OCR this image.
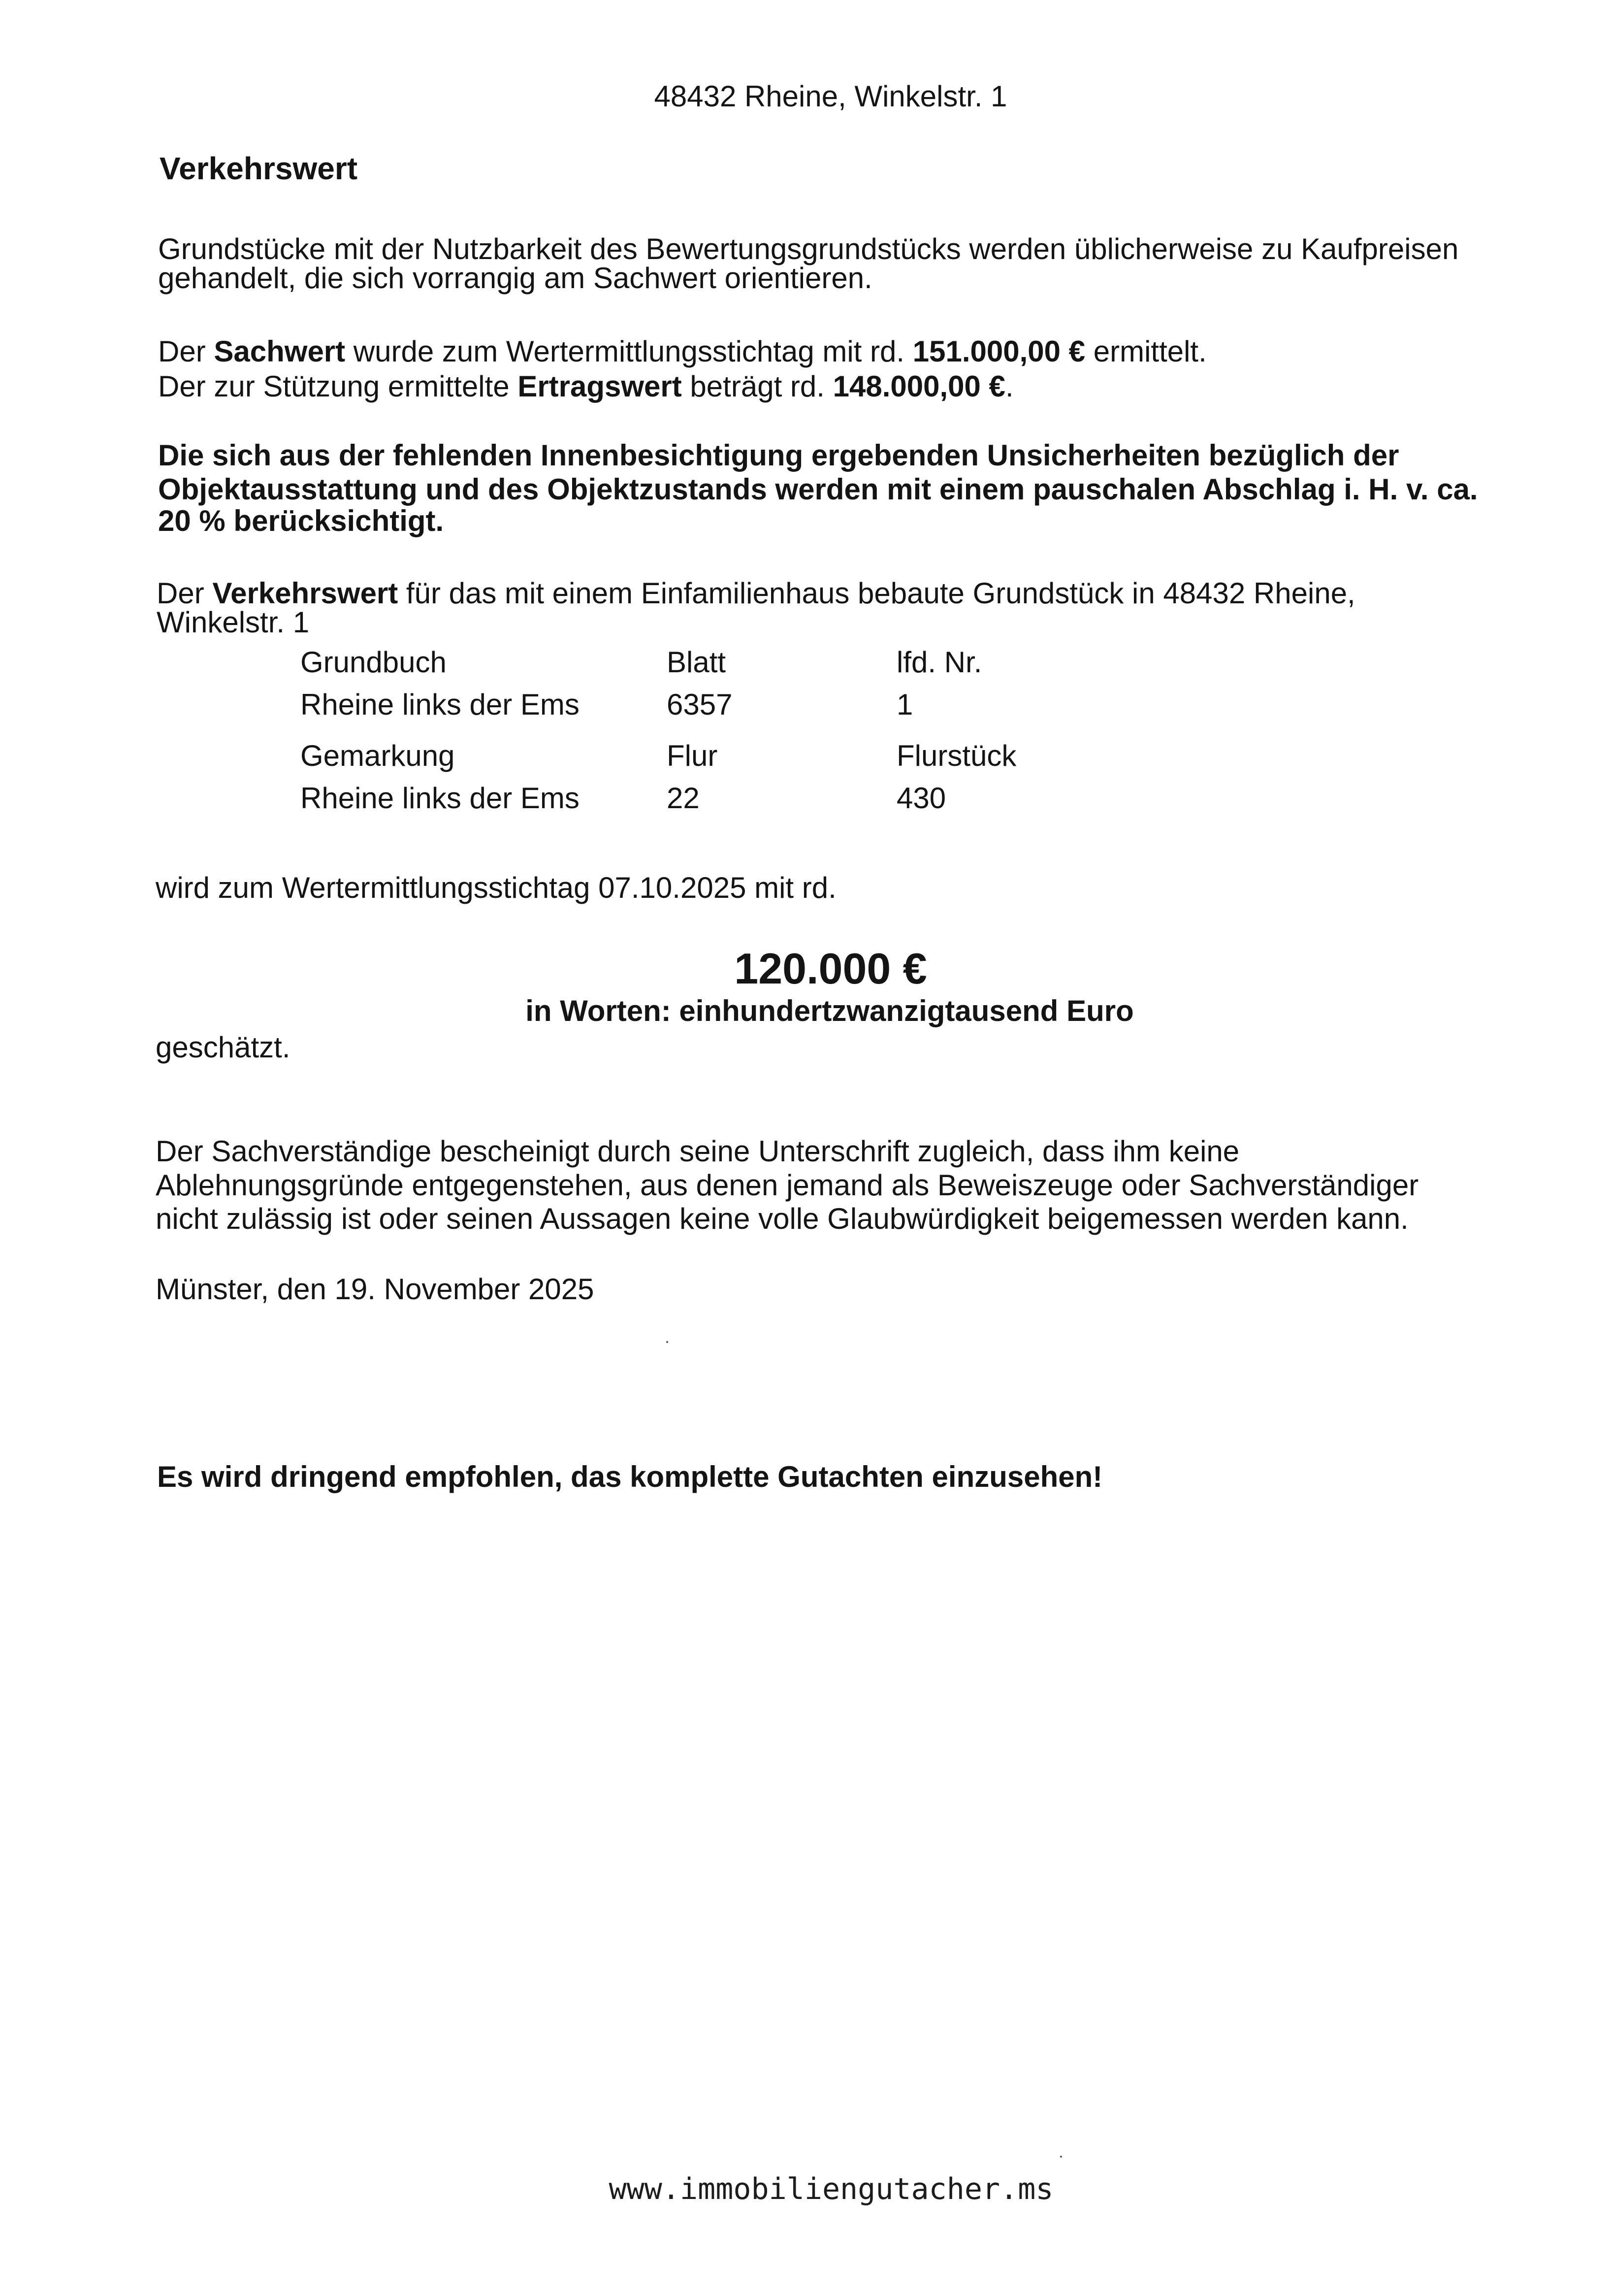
48432 Rheine, Winkelstr. 1
Verkehrswert
Grundstücke mit der Nutzbarkeit des Bewertungsgrundstücks werden üblicherweise zu Kaufpreisen
gehandelt, die sich vorrangig am Sachwert orientieren.
Der Sachwert wurde zum Wertermittlungsstichtag mit rd. 151.000,00 € ermittelt.
Der zur Stützung ermittelte Ertragswert beträgt rd. 148.000,00 €.
Die sich aus der fehlenden Innenbesichtigung ergebenden Unsicherheiten bezüglich der
Objektausstattung und des Objektzustands werden mit einem pauschalen Abschlag i. H. v. ca.
20 % berücksichtigt.
Der Verkehrswert für das mit einem Einfamilienhaus bebaute Grundstück in 48432 Rheine,
Winkelstr. 1
Grundbuch	Blatt	lfd. Nr.
Rheine links der Ems	6357	1
Gemarkung	Flur	Flurstück
Rheine links der Ems	22	430
wird zum Wertermittlungsstichtag 07.10.2025 mit rd.
120.000 €
in Worten: einhundertzwanzigtausend Euro
geschätzt.
Der Sachverständige bescheinigt durch seine Unterschrift zugleich, dass ihm keine
Ablehnungsgründe entgegenstehen, aus denen jemand als Beweiszeuge oder Sachverständiger
nicht zulässig ist oder seinen Aussagen keine volle Glaubwürdigkeit beigemessen werden kann.
Münster, den 19. November 2025
Es wird dringend empfohlen, das komplette Gutachten einzusehen!
www.immobiliengutacher.ms
